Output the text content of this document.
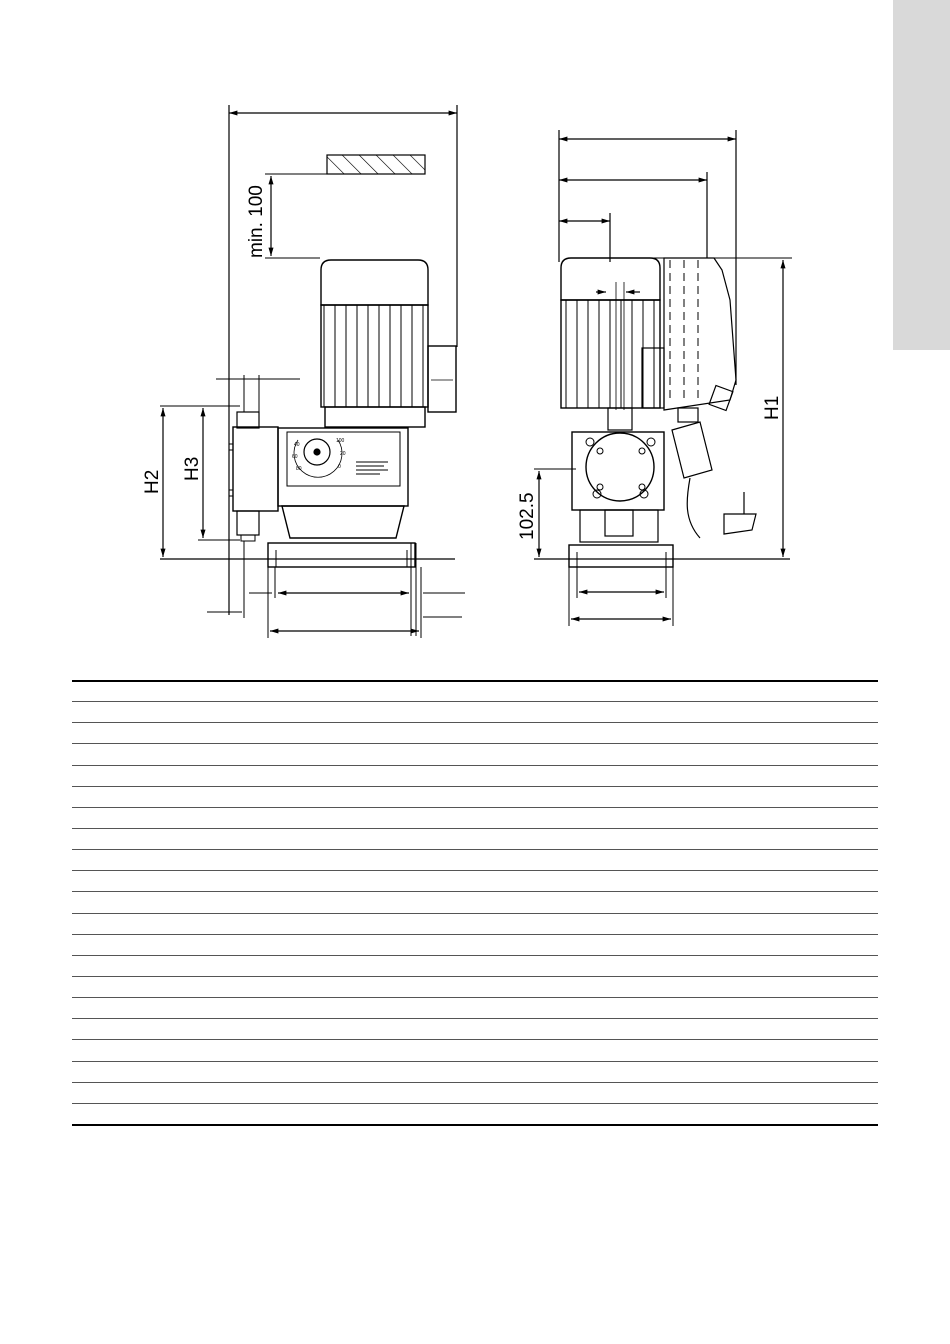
40
60
80
100
20
0
min. 100
H2
H3
102.5
H1
